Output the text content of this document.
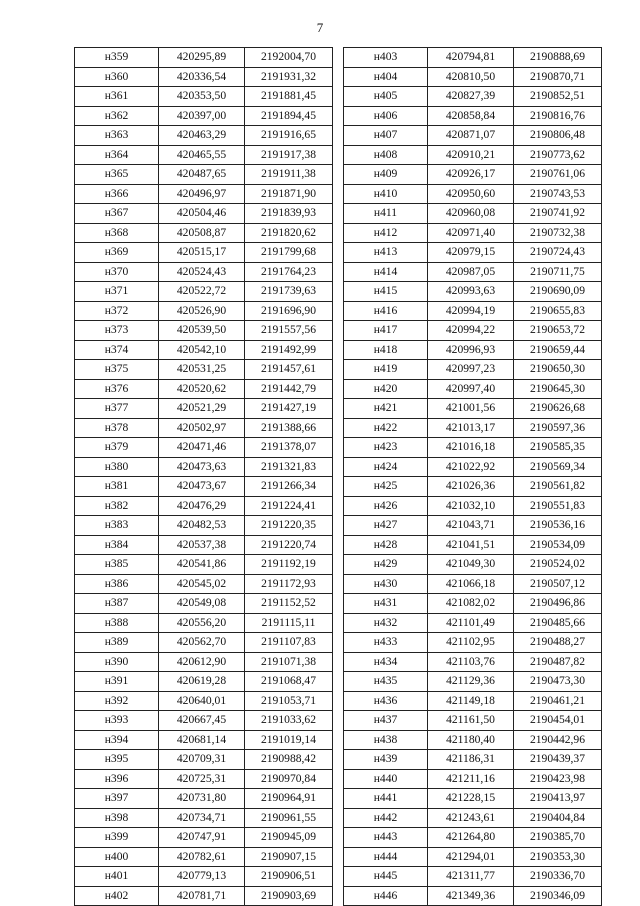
7
н359	420295,89	2192004,70
н360	420336,54	2191931,32
н361	420353,50	2191881,45
н362	420397,00	2191894,45
н363	420463,29	2191916,65
н364	420465,55	2191917,38
н365	420487,65	2191911,38
н366	420496,97	2191871,90
н367	420504,46	2191839,93
н368	420508,87	2191820,62
н369	420515,17	2191799,68
н370	420524,43	2191764,23
н371	420522,72	2191739,63
н372	420526,90	2191696,90
н373	420539,50	2191557,56
н374	420542,10	2191492,99
н375	420531,25	2191457,61
н376	420520,62	2191442,79
н377	420521,29	2191427,19
н378	420502,97	2191388,66
н379	420471,46	2191378,07
н380	420473,63	2191321,83
н381	420473,67	2191266,34
н382	420476,29	2191224,41
н383	420482,53	2191220,35
н384	420537,38	2191220,74
н385	420541,86	2191192,19
н386	420545,02	2191172,93
н387	420549,08	2191152,52
н388	420556,20	2191115,11
н389	420562,70	2191107,83
н390	420612,90	2191071,38
н391	420619,28	2191068,47
н392	420640,01	2191053,71
н393	420667,45	2191033,62
н394	420681,14	2191019,14
н395	420709,31	2190988,42
н396	420725,31	2190970,84
н397	420731,80	2190964,91
н398	420734,71	2190961,55
н399	420747,91	2190945,09
н400	420782,61	2190907,15
н401	420779,13	2190906,51
н402	420781,71	2190903,69
н403	420794,81	2190888,69
н404	420810,50	2190870,71
н405	420827,39	2190852,51
н406	420858,84	2190816,76
н407	420871,07	2190806,48
н408	420910,21	2190773,62
н409	420926,17	2190761,06
н410	420950,60	2190743,53
н411	420960,08	2190741,92
н412	420971,40	2190732,38
н413	420979,15	2190724,43
н414	420987,05	2190711,75
н415	420993,63	2190690,09
н416	420994,19	2190655,83
н417	420994,22	2190653,72
н418	420996,93	2190659,44
н419	420997,23	2190650,30
н420	420997,40	2190645,30
н421	421001,56	2190626,68
н422	421013,17	2190597,36
н423	421016,18	2190585,35
н424	421022,92	2190569,34
н425	421026,36	2190561,82
н426	421032,10	2190551,83
н427	421043,71	2190536,16
н428	421041,51	2190534,09
н429	421049,30	2190524,02
н430	421066,18	2190507,12
н431	421082,02	2190496,86
н432	421101,49	2190485,66
н433	421102,95	2190488,27
н434	421103,76	2190487,82
н435	421129,36	2190473,30
н436	421149,18	2190461,21
н437	421161,50	2190454,01
н438	421180,40	2190442,96
н439	421186,31	2190439,37
н440	421211,16	2190423,98
н441	421228,15	2190413,97
н442	421243,61	2190404,84
н443	421264,80	2190385,70
н444	421294,01	2190353,30
н445	421311,77	2190336,70
н446	421349,36	2190346,09
